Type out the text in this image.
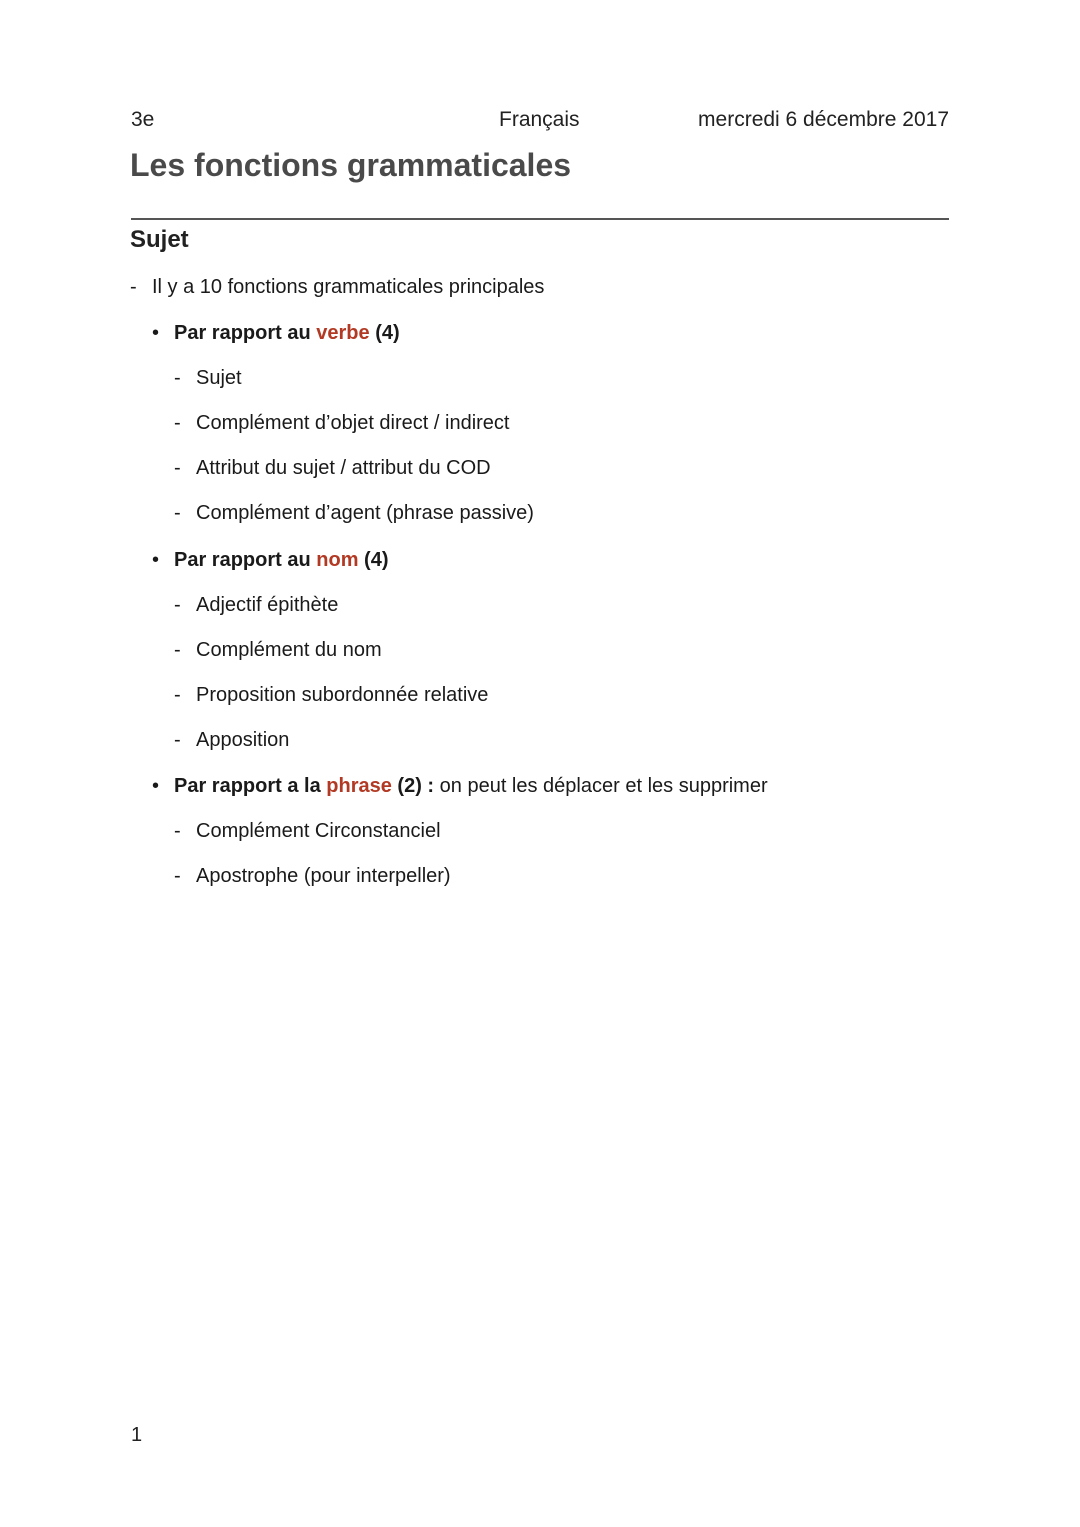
3e	Français	mercredi 6 décembre 2017
Les fonctions grammaticales
Sujet
- Il y a 10 fonctions grammaticales principales
• Par rapport au verbe (4)
- Sujet
- Complément d’objet direct / indirect
- Attribut du sujet / attribut du COD
- Complément d’agent (phrase passive)
• Par rapport au nom (4)
- Adjectif épithète
- Complément du nom
- Proposition subordonnée relative
- Apposition
• Par rapport a la phrase (2) : on peut les déplacer et les supprimer
- Complément Circonstanciel
- Apostrophe (pour interpeller)
1
